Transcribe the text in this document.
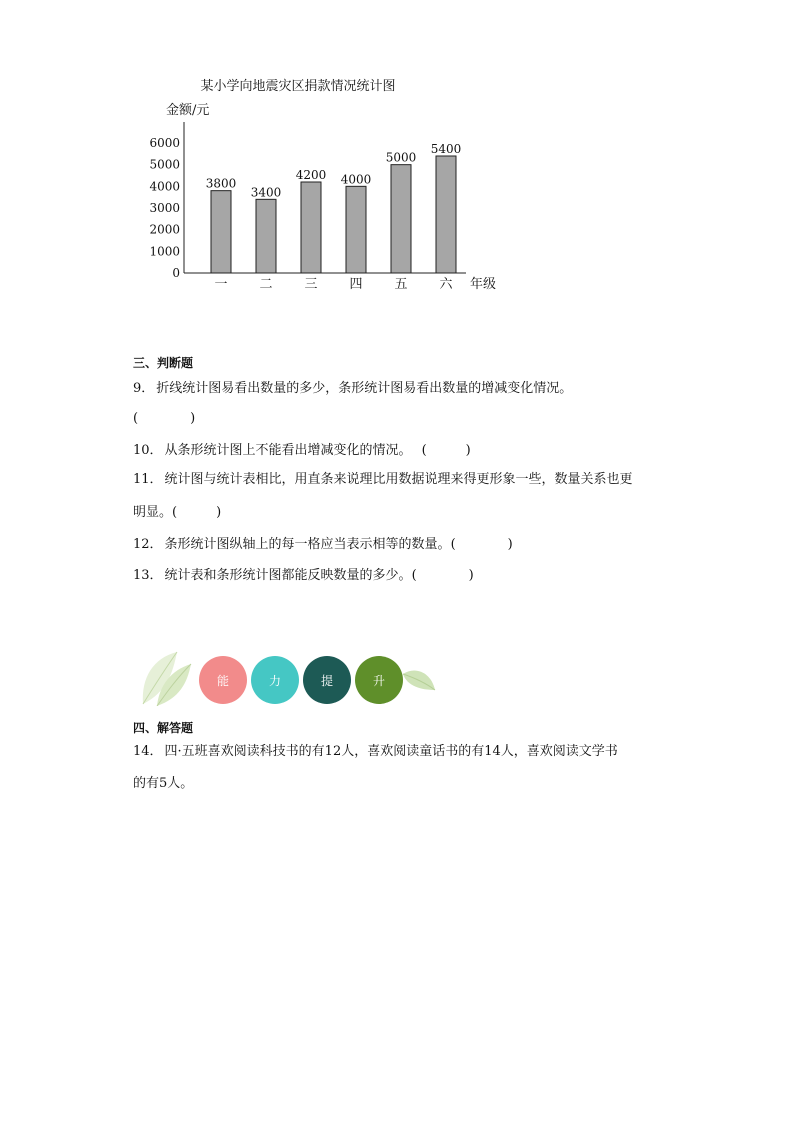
某小学向地震灾区捐款情况统计图
金额/元
年级
0
1000
2000
3000
4000
5000
6000
3800
3400
4200 4000
5000
5400
一 二 三 四 五 六
三、判断题
9． 折线统计图易看出数量的多少，条形统计图易看出数量的增减变化情况。
(　　　　)
10． 从条形统计图上不能看出增减变化的情况。 (　　　)
11． 统计图与统计表相比，用直条来说理比用数据说理来得更形象一些，数量关系也更
明显。(　　　)
12． 条形统计图纵轴上的每一格应当表示相等的数量。(　　　　)
13． 统计表和条形统计图都能反映数量的多少。(　　　　)
能	力	提	升
四、解答题
14． 四·五班喜欢阅读科技书的有12人，喜欢阅读童话书的有14人，喜欢阅读文学书
的有5人。
